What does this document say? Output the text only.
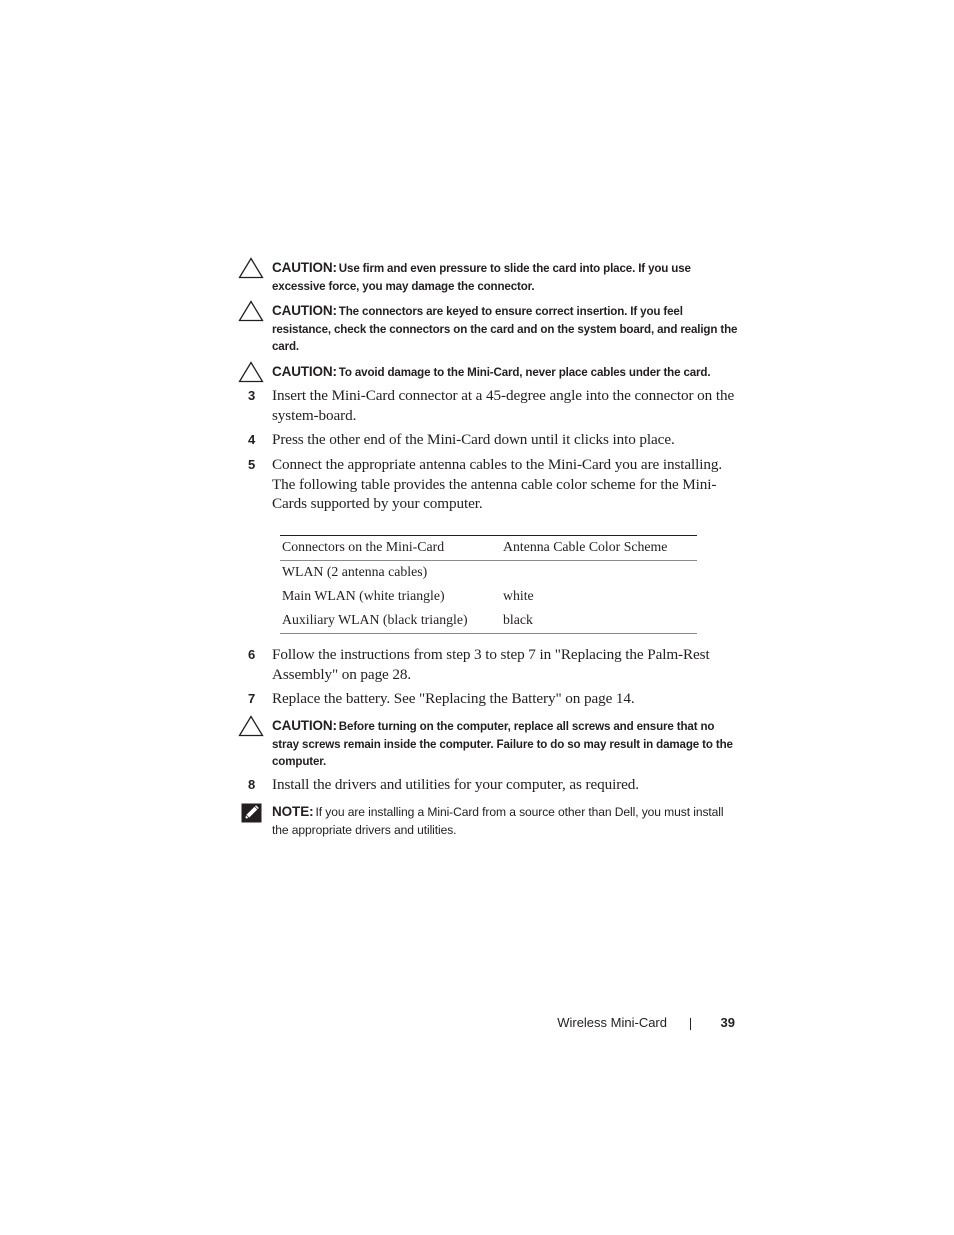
CAUTION: Use firm and even pressure to slide the card into place. If you use excessive force, you may damage the connector.
CAUTION: The connectors are keyed to ensure correct insertion. If you feel resistance, check the connectors on the card and on the system board, and realign the card.
CAUTION: To avoid damage to the Mini-Card, never place cables under the card.
3 Insert the Mini-Card connector at a 45-degree angle into the connector on the system-board.
4 Press the other end of the Mini-Card down until it clicks into place.
5 Connect the appropriate antenna cables to the Mini-Card you are installing. The following table provides the antenna cable color scheme for the Mini-Cards supported by your computer.
Connectors on the Mini-Card	Antenna Cable Color Scheme
WLAN (2 antenna cables)
Main WLAN (white triangle)	white
Auxiliary WLAN (black triangle)	black
6 Follow the instructions from step 3 to step 7 in "Replacing the Palm-Rest Assembly" on page 28.
7 Replace the battery. See "Replacing the Battery" on page 14.
CAUTION: Before turning on the computer, replace all screws and ensure that no stray screws remain inside the computer. Failure to do so may result in damage to the computer.
8 Install the drivers and utilities for your computer, as required.
NOTE: If you are installing a Mini-Card from a source other than Dell, you must install the appropriate drivers and utilities.
Wireless Mini-Card	39
